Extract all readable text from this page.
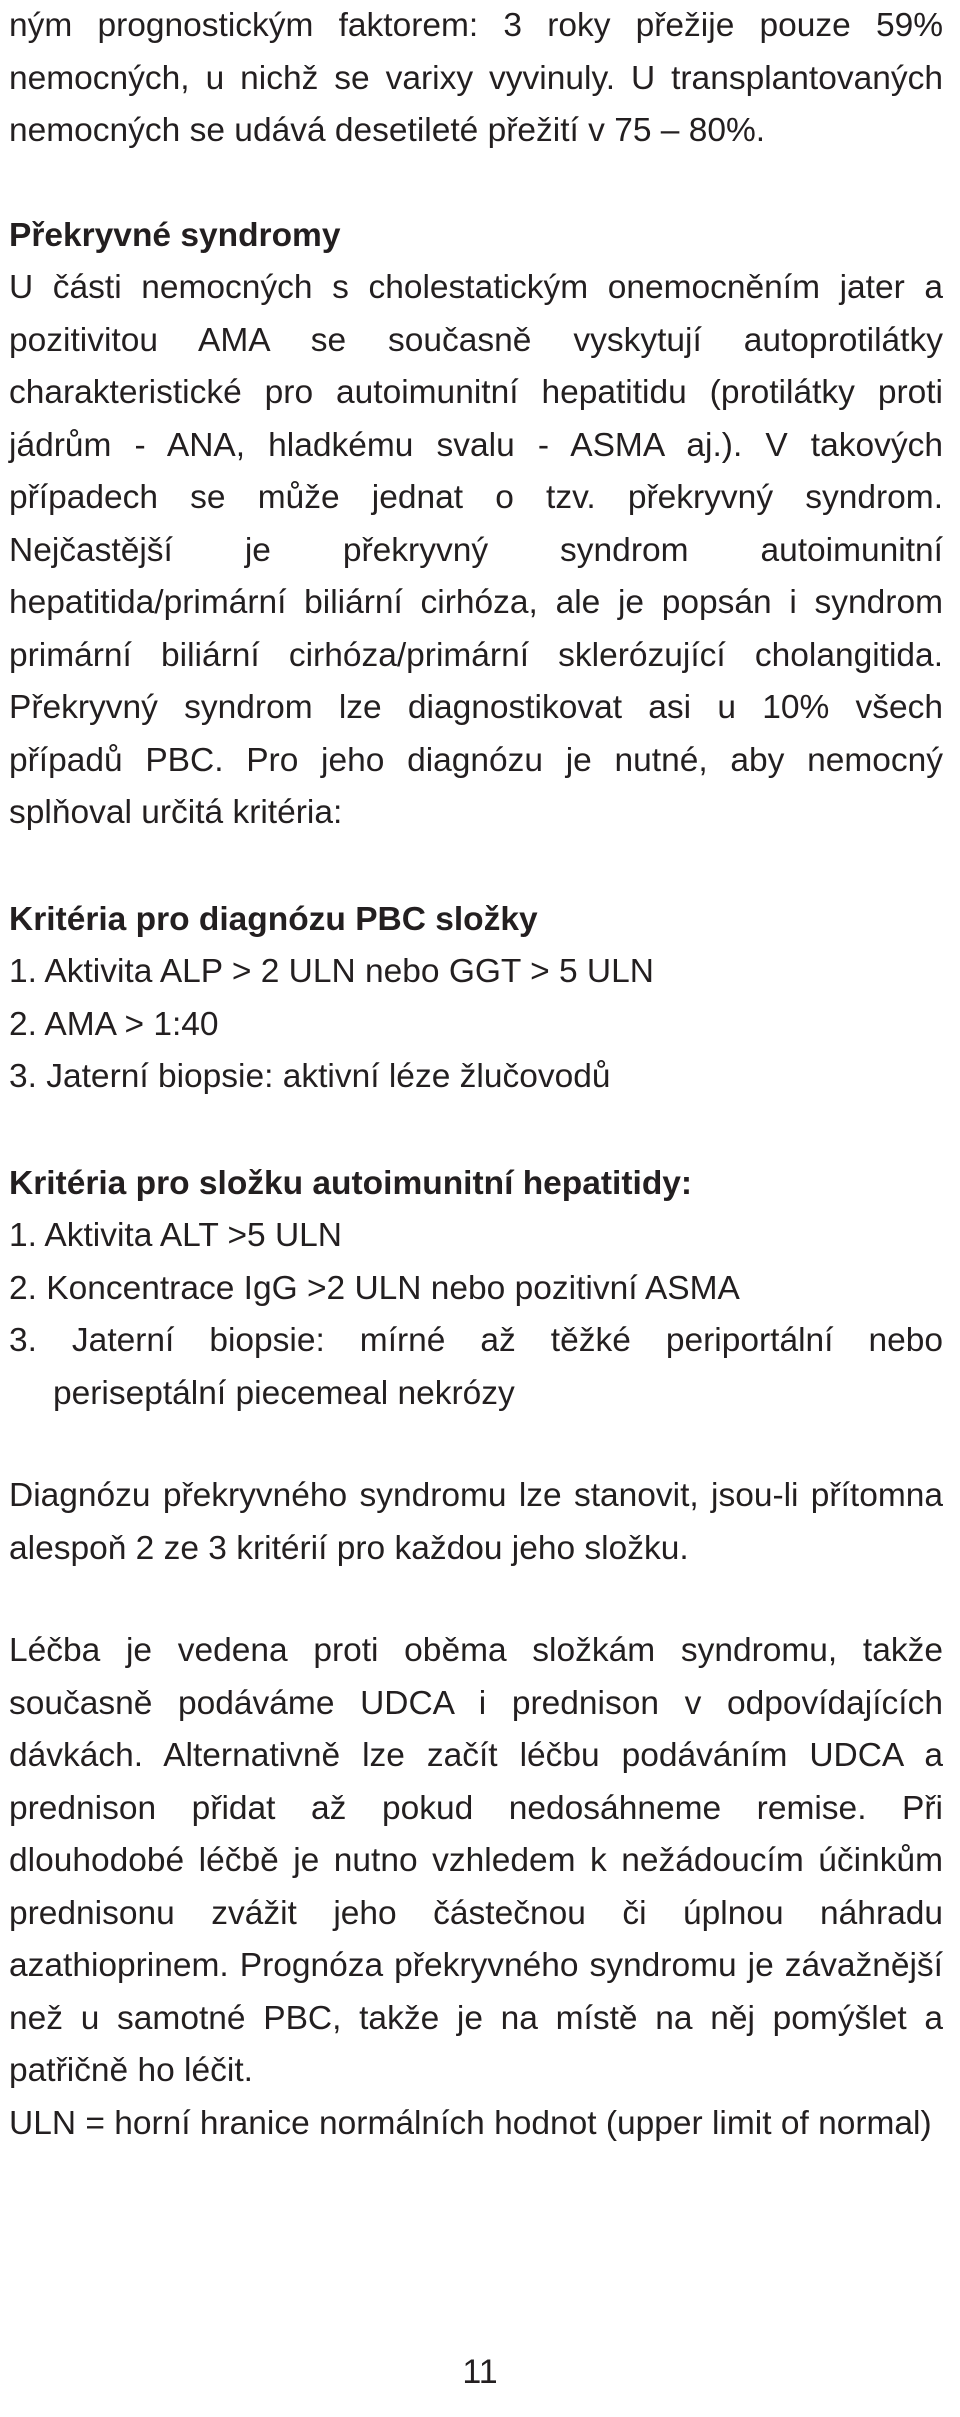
ným prognostickým faktorem: 3 roky přežije pouze 59% nemocných, u nichž se varixy vyvinuly. U transplantovaných nemocných se udává desetileté přežití v 75 – 80%.

Překryvné syndromy

U části nemocných s cholestatickým onemocněním jater a pozitivitou AMA se současně vyskytují autoprotilátky charakteristické pro autoimunitní hepatitidu (protilátky proti jádrům - ANA, hladkému svalu - ASMA aj.). V takových případech se může jednat o tzv. překryvný syndrom. Nejčastější je překryvný syndrom autoimunitní hepatitida/primární biliární cirhóza, ale je popsán i syndrom primární biliární cirhóza/primární sklerózující cholangitida. Překryvný syndrom lze diagnostikovat asi u 10% všech případů PBC. Pro jeho diagnózu je nutné, aby nemocný splňoval určitá kritéria:

Kritéria pro diagnózu PBC složky

1. Aktivita ALP > 2 ULN nebo GGT > 5 ULN

2. AMA > 1:40

3. Jaterní biopsie: aktivní léze žlučovodů

Kritéria pro složku autoimunitní hepatitidy:

1. Aktivita ALT >5 ULN

2. Koncentrace IgG >2 ULN nebo pozitivní ASMA

3. Jaterní biopsie: mírné až těžké periportální nebo periseptální piecemeal nekrózy

Diagnózu překryvného syndromu lze stanovit, jsou-li přítomna alespoň 2 ze 3 kritérií pro každou jeho složku.

Léčba je vedena proti oběma složkám syndromu, takže současně podáváme UDCA i prednison v odpovídajících dávkách. Alternativně lze začít léčbu podáváním UDCA a prednison přidat až pokud nedosáhneme remise. Při dlouhodobé léčbě je nutno vzhledem k nežádoucím účinkům prednisonu zvážit jeho částečnou či úplnou náhradu azathioprinem. Prognóza překryvného syndromu je závažnější než u samotné PBC, takže je na místě na něj pomýšlet a patřičně ho léčit.

ULN = horní hranice normálních hodnot (upper limit of normal)

11
